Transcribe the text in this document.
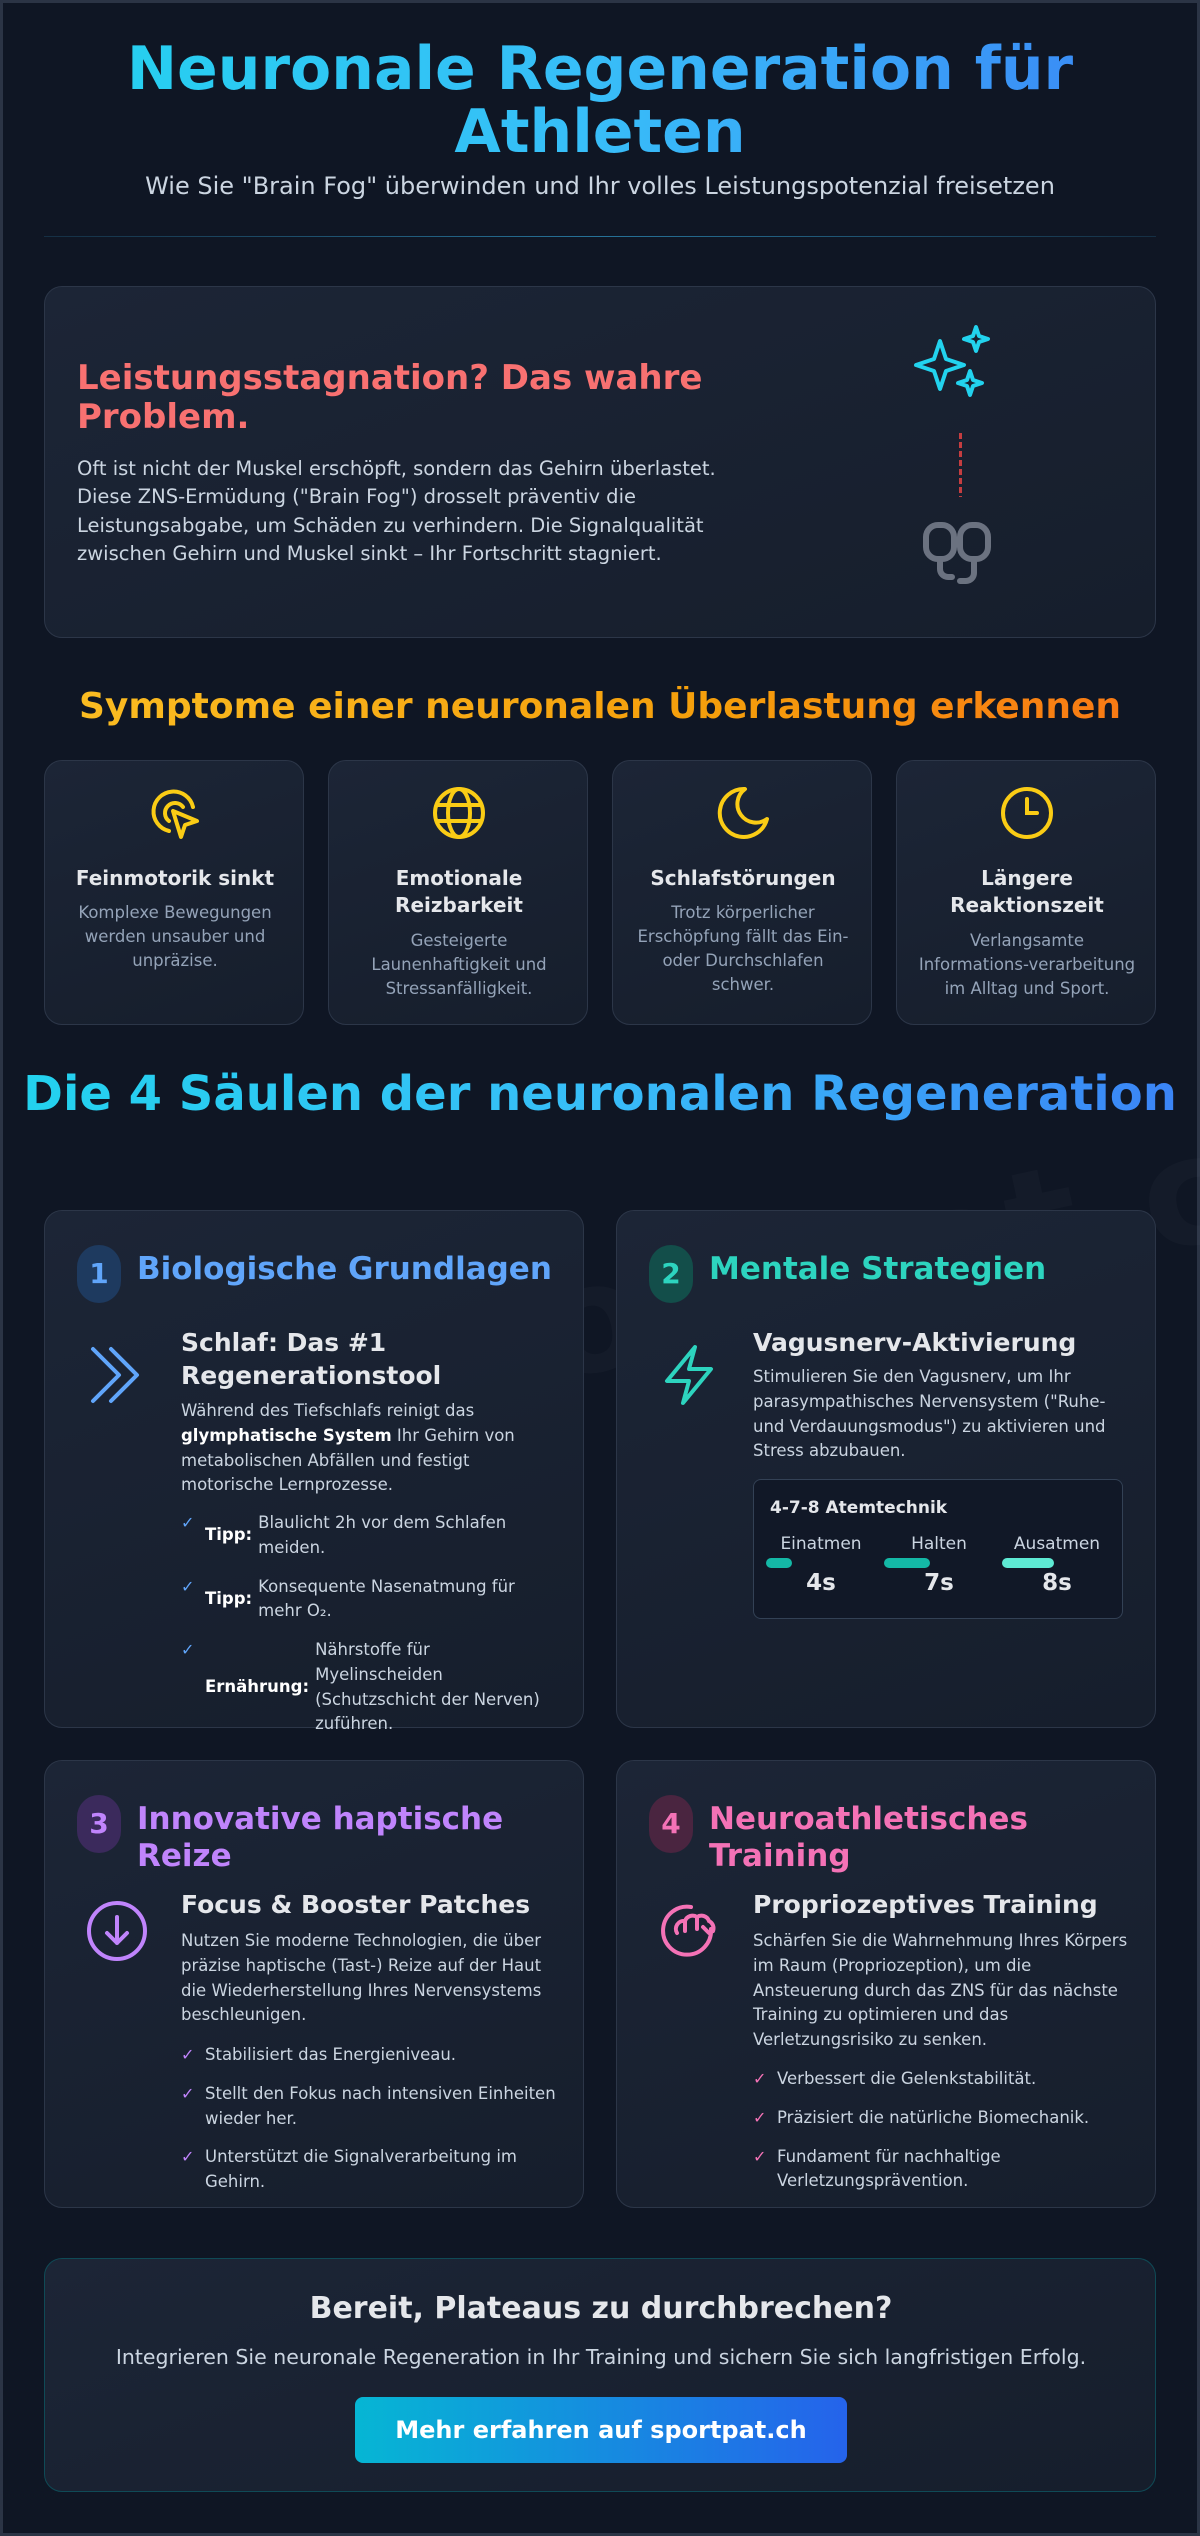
Neuronale Regeneration für Athleten

Wie Sie "Brain Fog" überwinden und Ihr volles Leistungspotenzial freisetzen

Leistungsstagnation? Das wahre Problem.

Oft ist nicht der Muskel erschöpft, sondern das Gehirn überlastet. Diese ZNS-Ermüdung ("Brain Fog") drosselt präventiv die Leistungsabgabe, um Schäden zu verhindern. Die Signalqualität zwischen Gehirn und Muskel sinkt – Ihr Fortschritt stagniert.

Symptome einer neuronalen Überlastung erkennen
Feinmotorik sinkt
Komplexe Bewegungen werden unsauber und unpräzise.
Emotionale Reizbarkeit
Gesteigerte Launenhaftigkeit und Stressanfälligkeit.
Schlafstörungen
Trotz körperlicher Erschöpfung fällt das Ein- oder Durchschlafen schwer.
Längere Reaktionszeit
Verlangsamte Informations-verarbeitung im Alltag und Sport.
Die 4 Säulen der neuronalen Regeneration
1 Biologische Grundlagen
Schlaf: Das #1 Regenerationstool

Während des Tiefschlafs reinigt das glymphatische System Ihr Gehirn von metabolischen Abfällen und festigt motorische Lernprozesse.

✓
Tipp:
Blaulicht 2h vor dem Schlafen meiden.
✓
Tipp:
Konsequente Nasenatmung für mehr O₂.
✓
Ernährung:
Nährstoffe für Myelinscheiden (Schutzschicht der Nerven) zuführen.
2 Mentale Strategien
Vagusnerv-Aktivierung

Stimulieren Sie den Vagusnerv, um Ihr parasympathisches Nervensystem ("Ruhe- und Verdauungsmodus") zu aktivieren und Stress abzubauen.

4-7-8 Atemtechnik
Einatmen
4s
Halten
7s
Ausatmen
8s
3 Innovative haptische Reize
Focus & Booster Patches

Nutzen Sie moderne Technologien, die über präzise haptische (Tast-) Reize auf der Haut die Wiederherstellung Ihres Nervensystems beschleunigen.

✓ Stabilisiert das Energieniveau.
✓ Stellt den Fokus nach intensiven Einheiten wieder her.
✓ Unterstützt die Signalverarbeitung im Gehirn.
4 Neuroathletisches Training
Propriozeptives Training

Schärfen Sie die Wahrnehmung Ihres Körpers im Raum (Propriozeption), um die Ansteuerung durch das ZNS für das nächste Training zu optimieren und das Verletzungsrisiko zu senken.

✓ Verbessert die Gelenkstabilität.
✓ Präzisiert die natürliche Biomechanik.
✓ Fundament für nachhaltige Verletzungsprävention.
Bereit, Plateaus zu durchbrechen?

Integrieren Sie neuronale Regeneration in Ihr Training und sichern Sie sich langfristigen Erfolg.

Mehr erfahren auf sportpat.ch
